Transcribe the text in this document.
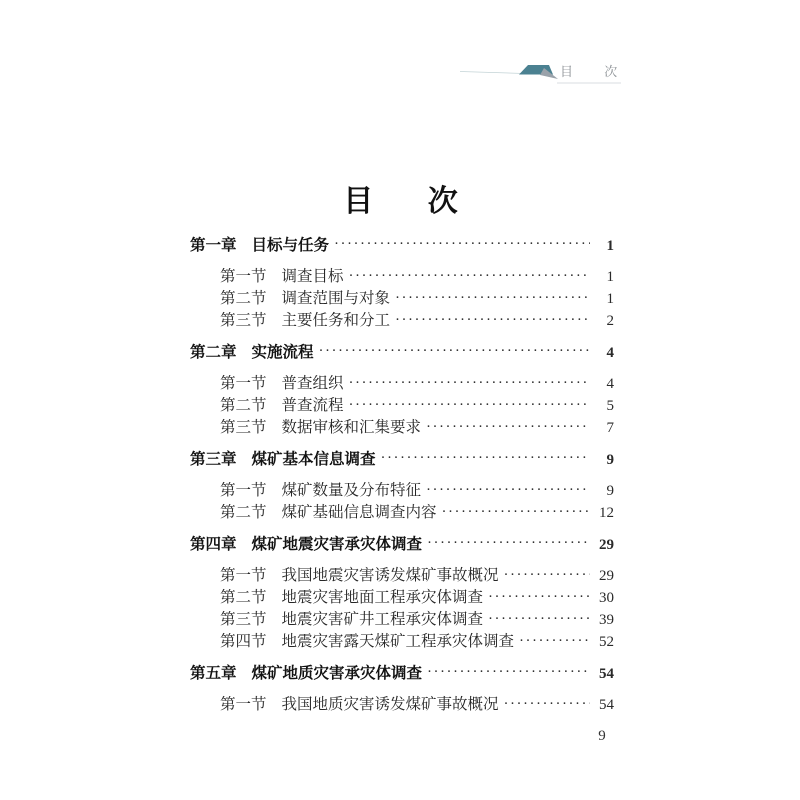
目 次
目 次
第一章 目标与任务 ·····	1
第一节 调查目标 ·····	1
第二节 调查范围与对象 ·····	1
第三节 主要任务和分工 ·····	2
第二章 实施流程 ·····	4
第一节 普查组织 ·····	4
第二节 普查流程 ·····	5
第三节 数据审核和汇集要求 ·····	7
第三章 煤矿基本信息调查 ·····	9
第一节 煤矿数量及分布特征 ·····	9
第二节 煤矿基础信息调查内容 ·····	12
第四章 煤矿地震灾害承灾体调查 ·····	29
第一节 我国地震灾害诱发煤矿事故概况 ·····	29
第二节 地震灾害地面工程承灾体调查 ·····	30
第三节 地震灾害矿井工程承灾体调查 ·····	39
第四节 地震灾害露天煤矿工程承灾体调查 ·····	52
第五章 煤矿地质灾害承灾体调查 ·····	54
第一节 我国地质灾害诱发煤矿事故概况 ·····	54
9
